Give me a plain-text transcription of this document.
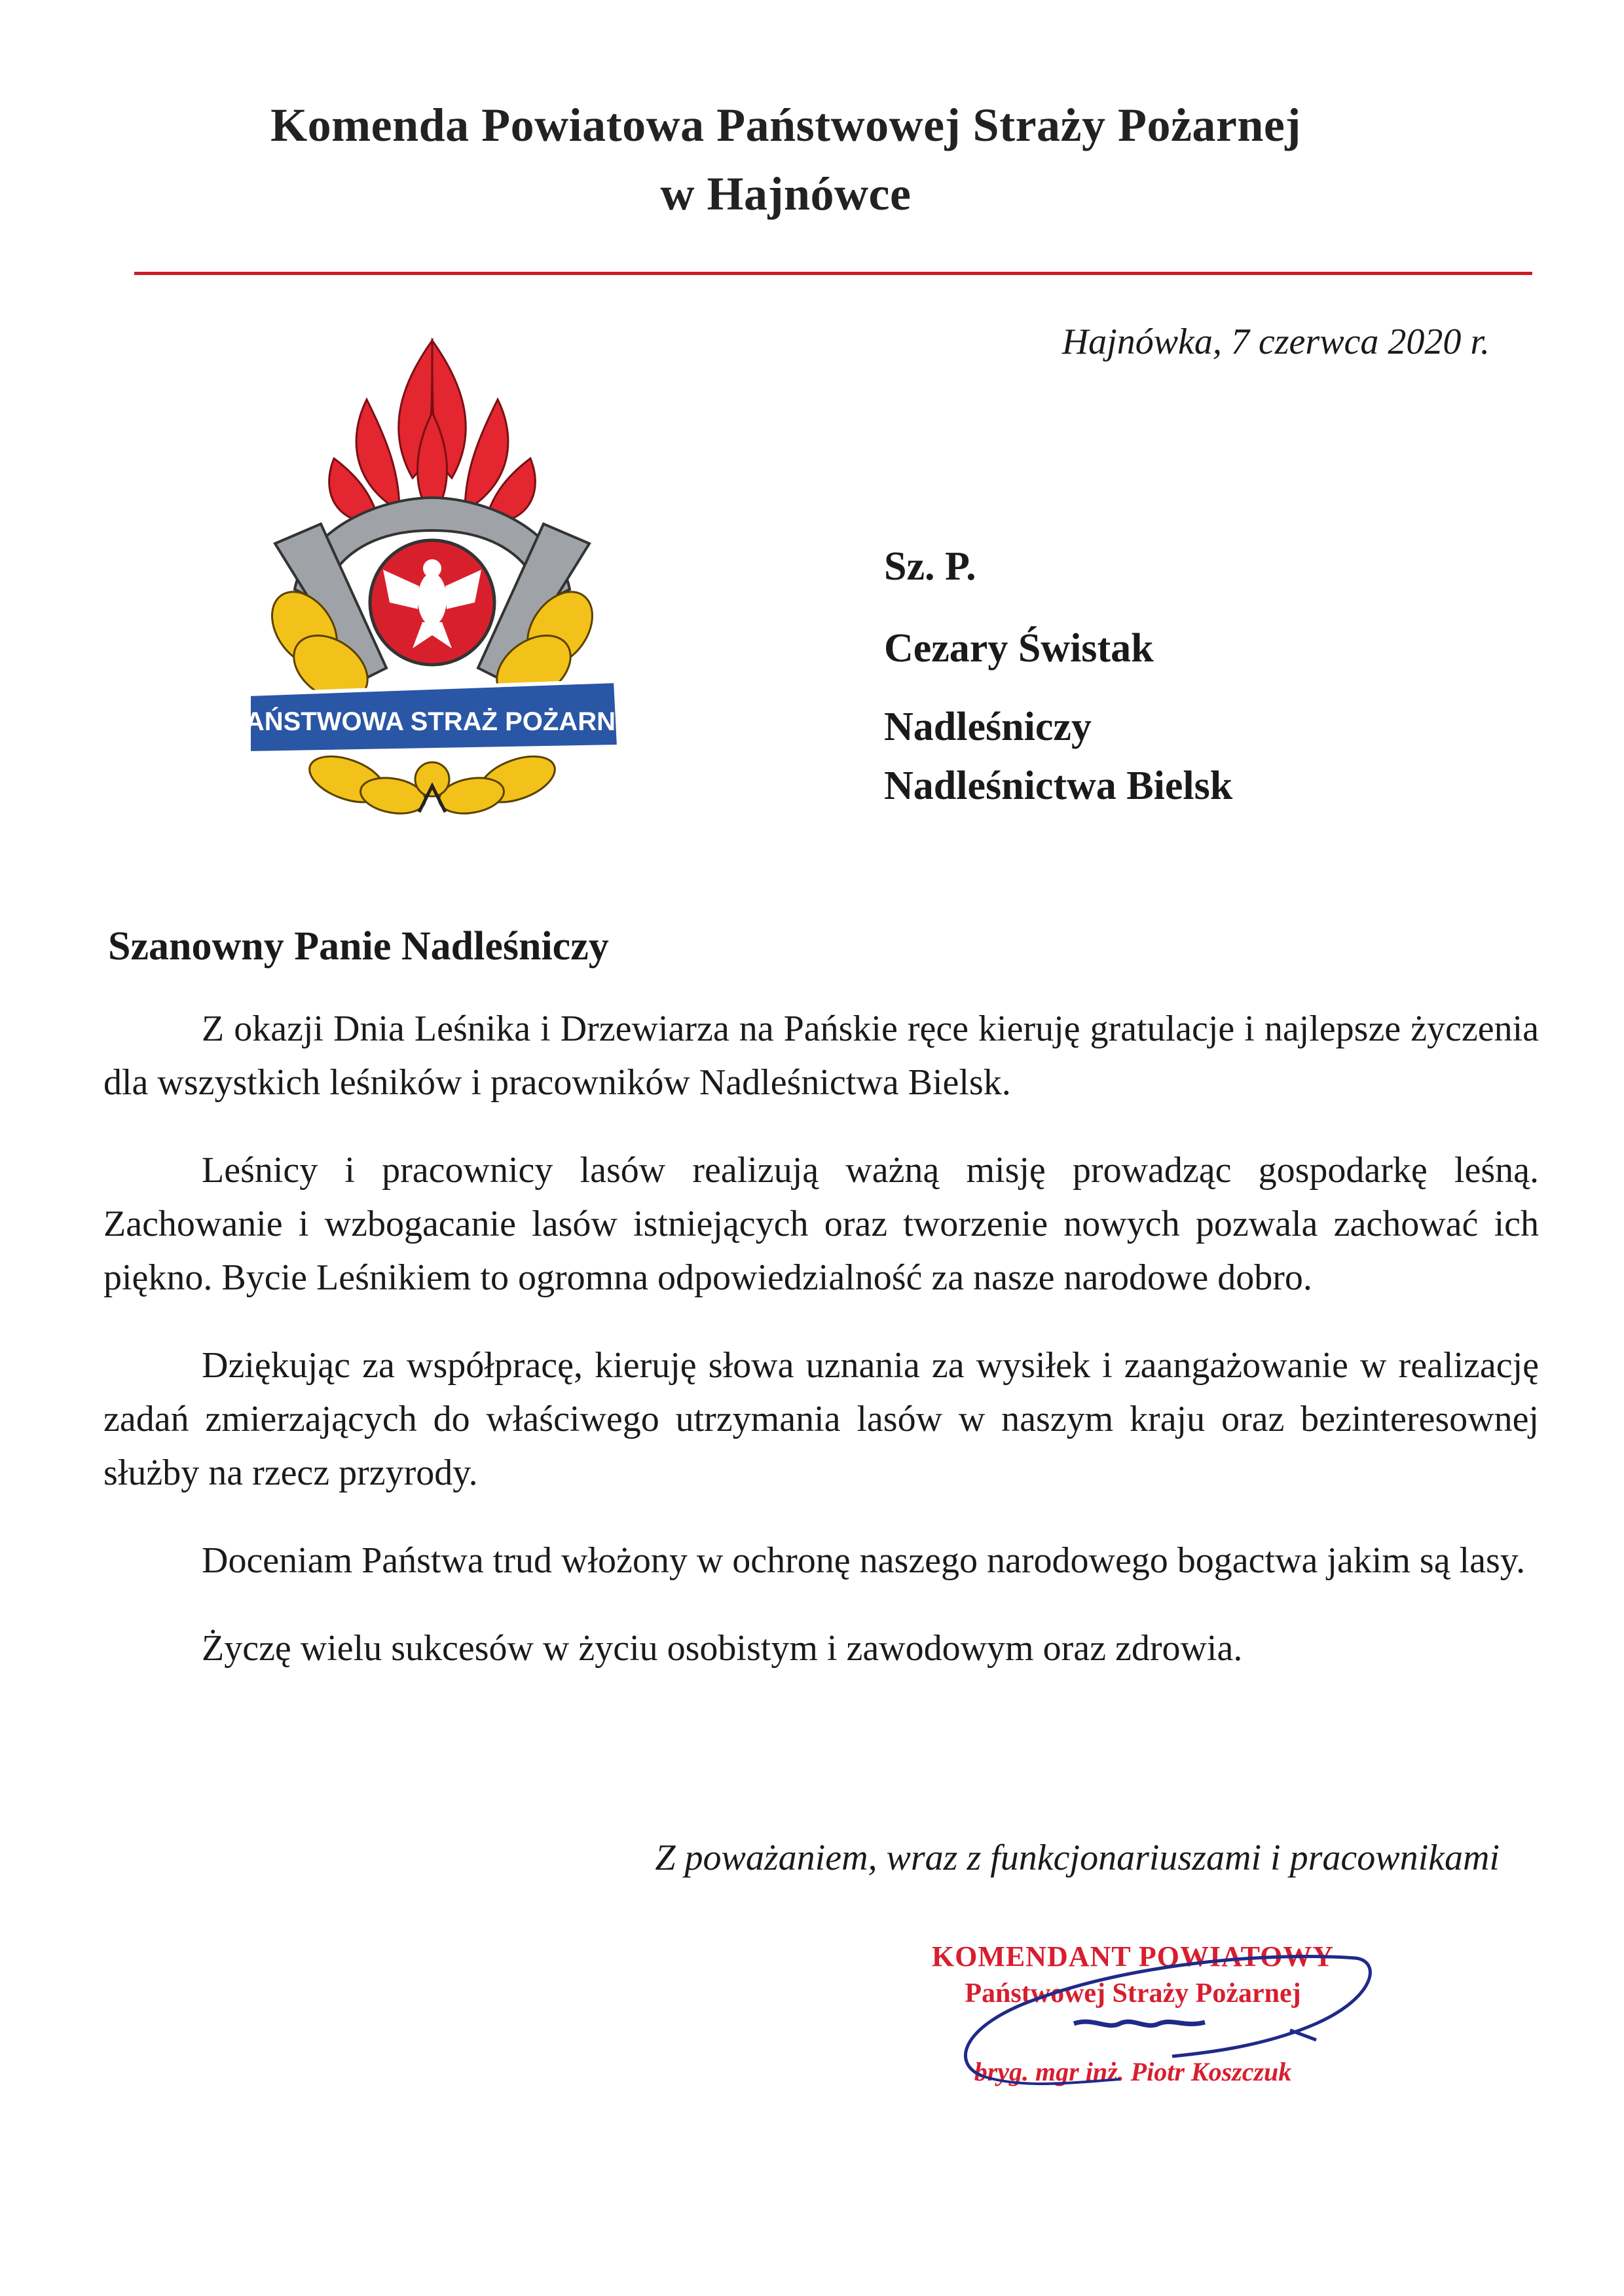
Komenda Powiatowa Państwowej Straży Pożarnej
w Hajnówce
Hajnówka, 7 czerwca 2020 r.
PAŃSTWOWA STRAŻ POŻARNA
Sz. P.
Cezary Świstak
Nadleśniczy
Nadleśnictwa Bielsk
Szanowny Panie Nadleśniczy

Z okazji Dnia Leśnika i Drzewiarza na Pańskie ręce kieruję gratulacje i najlepsze życzenia dla wszystkich leśników i pracowników Nadleśnictwa Bielsk.

Leśnicy i pracownicy lasów realizują ważną misję prowadząc gospodarkę leśną. Zachowanie i wzbogacanie lasów istniejących oraz tworzenie nowych pozwala zachować ich piękno. Bycie Leśnikiem to ogromna odpowiedzialność za nasze narodowe dobro.

Dziękując za współpracę, kieruję słowa uznania za wysiłek i zaangażowanie w realizację zadań zmierzających do właściwego utrzymania lasów w naszym kraju oraz bezinteresownej służby na rzecz przyrody.

Doceniam Państwa trud włożony w ochronę naszego narodowego bogactwa jakim są lasy.

Życzę wielu sukcesów w życiu osobistym i zawodowym oraz zdrowia.

Z poważaniem, wraz z funkcjonariuszami i pracownikami
KOMENDANT POWIATOWY
Państwowej Straży Pożarnej
bryg. mgr inż. Piotr Koszczuk
